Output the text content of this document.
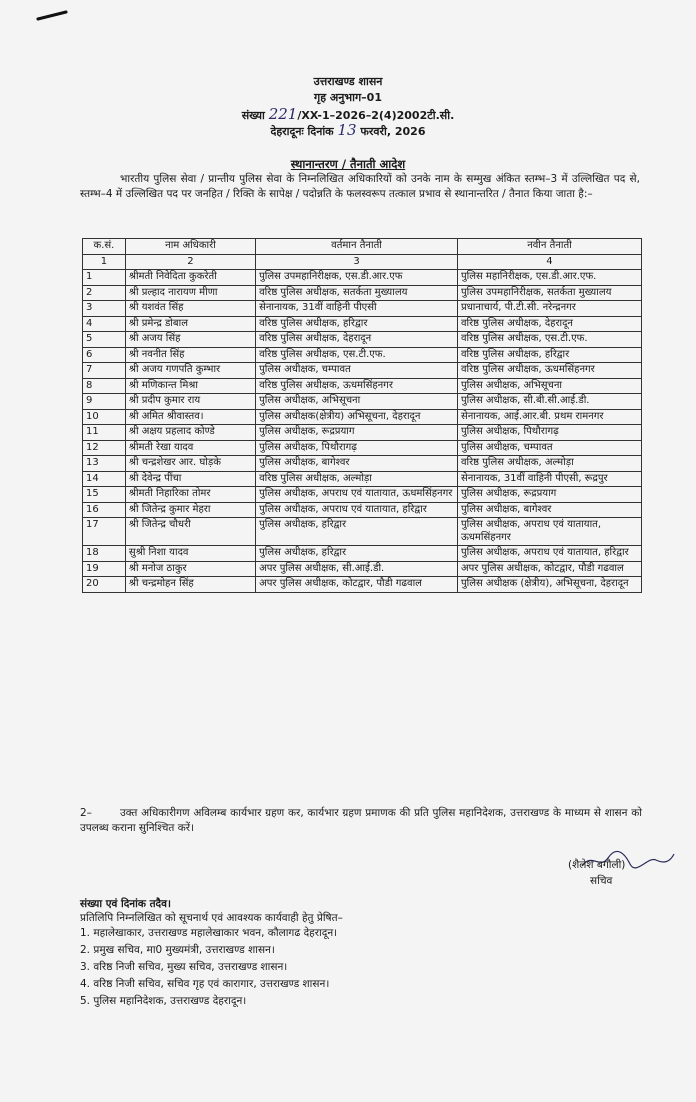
उत्तराखण्ड शासन
गृह अनुभाग–01
संख्या 221/XX-1–2026–2(4)2002टी.सी.
देहरादूनः दिनांक 13 फरवरी, 2026
स्थानान्तरण / तैनाती आदेश
भारतीय पुलिस सेवा / प्रान्तीय पुलिस सेवा के निम्नलिखित अधिकारियों को उनके नाम के सम्मुख अंकित स्तम्भ–3 में उल्लिखित पद से, स्तम्भ–4 में उल्लिखित पद पर जनहित / रिक्ति के सापेक्ष / पदोन्नति के फलस्वरूप तत्काल प्रभाव से स्थानान्तरित / तैनात किया जाता है:–
क.सं.	नाम अधिकारी	वर्तमान तैनाती	नवीन तैनाती
1	2	3	4
1	श्रीमती निवेदिता कुकरेती	पुलिस उपमहानिरीक्षक, एस.डी.आर.एफ	पुलिस महानिरीक्षक, एस.डी.आर.एफ.
2	श्री प्रल्हाद नारायण मीणा	वरिष्ठ पुलिस अधीक्षक, सतर्कता मुख्यालय	पुलिस उपमहानिरीक्षक, सतर्कता मुख्यालय
3	श्री यशवंत सिंह	सेनानायक, 31वीं वाहिनी पीएसी	प्रधानाचार्य, पी.टी.सी. नरेन्द्रनगर
4	श्री प्रमेन्द्र डोबाल	वरिष्ठ पुलिस अधीक्षक, हरिद्वार	वरिष्ठ पुलिस अधीक्षक, देहरादून
5	श्री अजय सिंह	वरिष्ठ पुलिस अधीक्षक, देहरादून	वरिष्ठ पुलिस अधीक्षक, एस.टी.एफ.
6	श्री नवनीत सिंह	वरिष्ठ पुलिस अधीक्षक, एस.टी.एफ.	वरिष्ठ पुलिस अधीक्षक, हरिद्वार
7	श्री अजय गणपति कुम्भार	पुलिस अधीक्षक, चम्पावत	वरिष्ठ पुलिस अधीक्षक, ऊधमसिंहनगर
8	श्री मणिकान्त मिश्रा	वरिष्ठ पुलिस अधीक्षक, ऊधमसिंहनगर	पुलिस अधीक्षक, अभिसूचना
9	श्री प्रदीप कुमार राय	पुलिस अधीक्षक, अभिसूचना	पुलिस अधीक्षक, सी.बी.सी.आई.डी.
10	श्री अमित श्रीवास्तव।	पुलिस अधीक्षक(क्षेत्रीय) अभिसूचना, देहरादून	सेनानायक, आई.आर.बी. प्रथम रामनगर
11	श्री अक्षय प्रहलाद कोण्डे	पुलिस अधीक्षक, रूद्रप्रयाग	पुलिस अधीक्षक, पिथौरागढ़
12	श्रीमती रेखा यादव	पुलिस अधीक्षक, पिथौरागढ़	पुलिस अधीक्षक, चम्पावत
13	श्री चन्द्रशेखर आर. घोड़के	पुलिस अधीक्षक, बागेश्वर	वरिष्ठ पुलिस अधीक्षक, अल्मोड़ा
14	श्री देवेन्द्र पींचा	वरिष्ठ पुलिस अधीक्षक, अल्मोड़ा	सेनानायक, 31वीं वाहिनी पीएसी, रूद्रपुर
15	श्रीमती निहारिका तोमर	पुलिस अधीक्षक, अपराध एवं यातायात, ऊधमसिंहनगर	पुलिस अधीक्षक, रूद्रप्रयाग
16	श्री जितेन्द्र कुमार मेहरा	पुलिस अधीक्षक, अपराध एवं यातायात, हरिद्वार	पुलिस अधीक्षक, बागेश्वर
17	श्री जितेन्द्र चौधरी	पुलिस अधीक्षक, हरिद्वार	पुलिस अधीक्षक, अपराध एवं यातायात, ऊधमसिंहनगर
18	सुश्री निशा यादव	पुलिस अधीक्षक, हरिद्वार	पुलिस अधीक्षक, अपराध एवं यातायात, हरिद्वार
19	श्री मनोज ठाकुर	अपर पुलिस अधीक्षक, सी.आई.डी.	अपर पुलिस अधीक्षक, कोटद्वार, पौडी गढवाल
20	श्री चन्द्रमोहन सिंह	अपर पुलिस अधीक्षक, कोटद्वार, पौडी गढवाल	पुलिस अधीक्षक (क्षेत्रीय), अभिसूचना, देहरादून
2–	उक्त अधिकारीगण अविलम्ब कार्यभार ग्रहण कर, कार्यभार ग्रहण प्रमाणक की प्रति पुलिस महानिदेशक, उत्तराखण्ड के माध्यम से शासन को उपलब्ध कराना सुनिश्चित करें।
(शैलेश बगौली)
सचिव
संख्या एवं दिनांक तदैव।
प्रतिलिपि निम्नलिखित को सूचनार्थ एवं आवश्यक कार्यवाही हेतु प्रेषित–
1. महालेखाकार, उत्तराखण्ड महालेखाकार भवन, कौलागढ देहरादून।
2. प्रमुख सचिव, मा0 मुख्यमंत्री, उत्तराखण्ड शासन।
3. वरिष्ठ निजी सचिव, मुख्य सचिव, उत्तराखण्ड शासन।
4. वरिष्ठ निजी सचिव, सचिव गृह एवं कारागार, उत्तराखण्ड शासन।
5. पुलिस महानिदेशक, उत्तराखण्ड देहरादून।
